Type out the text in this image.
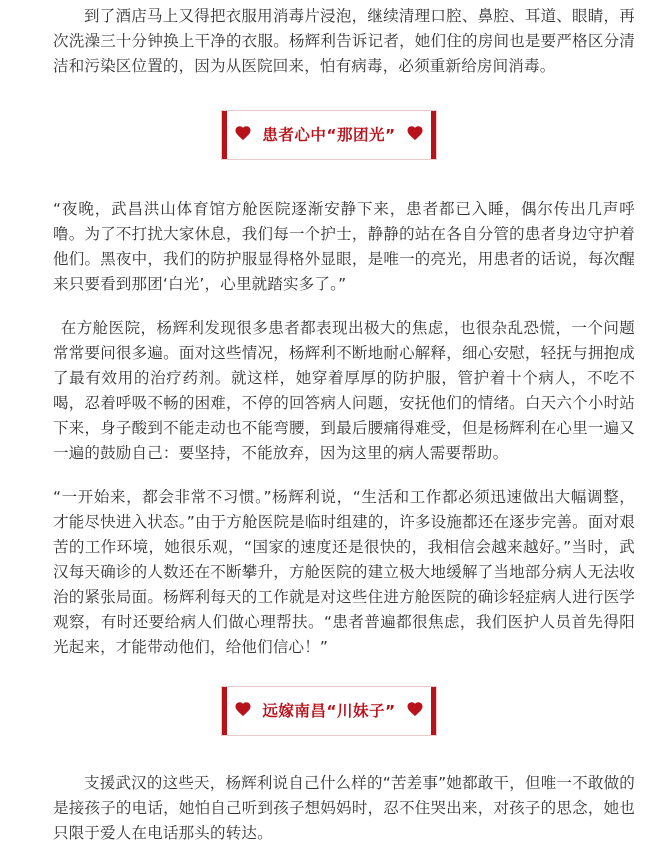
到了酒店马上又得把衣服用消毒片浸泡，继续清理口腔、鼻腔、耳道、眼睛，再次洗澡三十分钟换上干净的衣服。杨辉利告诉记者，她们住的房间也是要严格区分清洁和污染区位置的，因为从医院回来，怕有病毒，必须重新给房间消毒。

患者心中“那团光”

“夜晚，武昌洪山体育馆方舱医院逐渐安静下来，患者都已入睡，偶尔传出几声呼噜。为了不打扰大家休息，我们每一个护士，静静的站在各自分管的患者身边守护着他们。黑夜中，我们的防护服显得格外显眼，是唯一的亮光，用患者的话说，每次醒来只要看到那团‘白光’，心里就踏实多了。”

在方舱医院，杨辉利发现很多患者都表现出极大的焦虑，也很杂乱恐慌，一个问题常常要问很多遍。面对这些情况，杨辉利不断地耐心解释，细心安慰，轻抚与拥抱成了最有效用的治疗药剂。就这样，她穿着厚厚的防护服，管护着十个病人，不吃不喝，忍着呼吸不畅的困难，不停的回答病人问题，安抚他们的情绪。白天六个小时站下来，身子酸到不能走动也不能弯腰，到最后腰痛得难受，但是杨辉利在心里一遍又一遍的鼓励自己：要坚持，不能放弃，因为这里的病人需要帮助。

“一开始来，都会非常不习惯。”杨辉利说，“生活和工作都必须迅速做出大幅调整，才能尽快进入状态。”由于方舱医院是临时组建的，许多设施都还在逐步完善。面对艰苦的工作环境，她很乐观，“国家的速度还是很快的，我相信会越来越好。”当时，武汉每天确诊的人数还在不断攀升，方舱医院的建立极大地缓解了当地部分病人无法收治的紧张局面。杨辉利每天的工作就是对这些住进方舱医院的确诊轻症病人进行医学观察，有时还要给病人们做心理帮扶。“患者普遍都很焦虑，我们医护人员首先得阳光起来，才能带动他们，给他们信心！”

远嫁南昌“川妹子”

支援武汉的这些天，杨辉利说自己什么样的“苦差事”她都敢干，但唯一不敢做的是接孩子的电话，她怕自己听到孩子想妈妈时，忍不住哭出来，对孩子的思念，她也只限于爱人在电话那头的转达。
